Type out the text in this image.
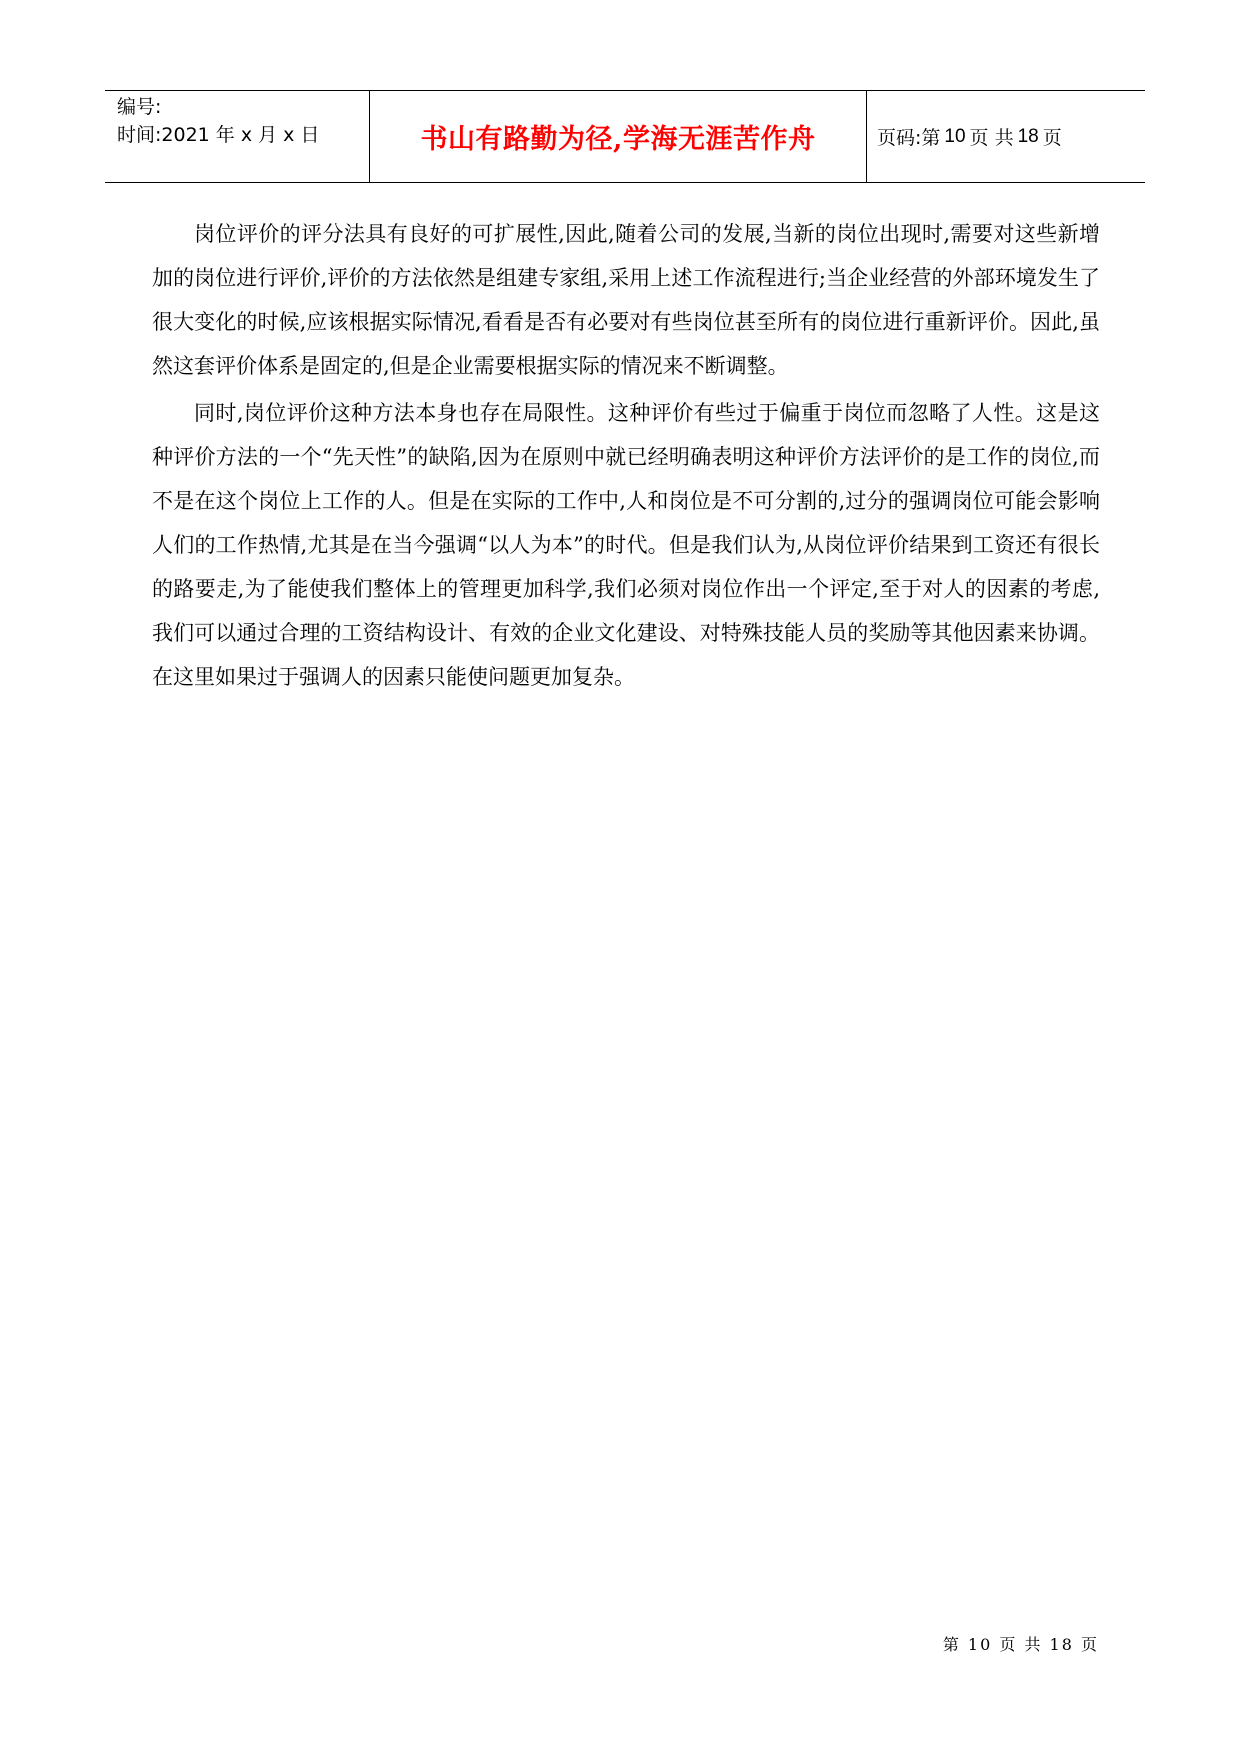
编号:
时间:2021 年 x 月 x 日	书山有路勤为径,学海无涯苦作舟	页码:第 10 页 共 18 页

岗位评价的评分法具有良好的可扩展性,因此,随着公司的发展,当新的岗位出现时,需要对这些新增加的岗位进行评价,评价的方法依然是组建专家组,采用上述工作流程进行;当企业经营的外部环境发生了很大变化的时候,应该根据实际情况,看看是否有必要对有些岗位甚至所有的岗位进行重新评价。因此,虽然这套评价体系是固定的,但是企业需要根据实际的情况来不断调整。

同时,岗位评价这种方法本身也存在局限性。这种评价有些过于偏重于岗位而忽略了人性。这是这种评价方法的一个“先天性”的缺陷,因为在原则中就已经明确表明这种评价方法评价的是工作的岗位,而不是在这个岗位上工作的人。但是在实际的工作中,人和岗位是不可分割的,过分的强调岗位可能会影响人们的工作热情,尤其是在当今强调“以人为本”的时代。但是我们认为,从岗位评价结果到工资还有很长的路要走,为了能使我们整体上的管理更加科学,我们必须对岗位作出一个评定,至于对人的因素的考虑,我们可以通过合理的工资结构设计、有效的企业文化建设、对特殊技能人员的奖励等其他因素来协调。在这里如果过于强调人的因素只能使问题更加复杂。

第 10 页 共 18 页
